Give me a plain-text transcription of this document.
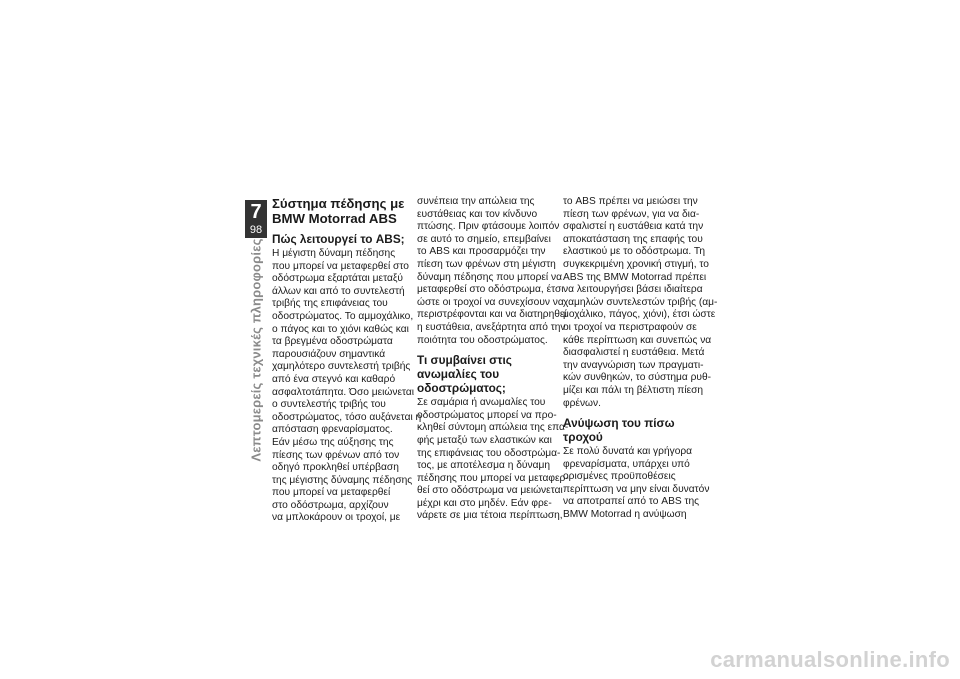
7
98
Λεπτομερείς τεχνικές πληροφορίες
Σύστημα πέδησης με
BMW Motorrad ABS
Πώς λειτουργεί το ABS;
Η μέγιστη δύναμη πέδησης
που μπορεί να μεταφερθεί στο
οδόστρωμα εξαρτάται μεταξύ
άλλων και από το συντελεστή
τριβής της επιφάνειας του
οδοστρώματος. Το αμμοχάλικο,
ο πάγος και το χιόνι καθώς και
τα βρεγμένα οδοστρώματα
παρουσιάζουν σημαντικά
χαμηλότερο συντελεστή τριβής
από ένα στεγνό και καθαρό
ασφαλτοτάπητα. Όσο μειώνεται
ο συντελεστής τριβής του
οδοστρώματος, τόσο αυξάνεται η
απόσταση φρεναρίσματος.
Εάν μέσω της αύξησης της
πίεσης των φρένων από τον
οδηγό προκληθεί υπέρβαση
της μέγιστης δύναμης πέδησης
που μπορεί να μεταφερθεί
στο οδόστρωμα, αρχίζουν
να μπλοκάρουν οι τροχοί, με
συνέπεια την απώλεια της
ευστάθειας και τον κίνδυνο
πτώσης. Πριν φτάσουμε λοιπόν
σε αυτό το σημείο, επεμβαίνει
το ABS και προσαρμόζει την
πίεση των φρένων στη μέγιστη
δύναμη πέδησης που μπορεί να
μεταφερθεί στο οδόστρωμα, έτσι
ώστε οι τροχοί να συνεχίσουν να
περιστρέφονται και να διατηρηθεί
η ευστάθεια, ανεξάρτητα από την
ποιότητα του οδοστρώματος.
Τι συμβαίνει στις
ανωμαλίες του
οδοστρώματος;
Σε σαμάρια ή ανωμαλίες του
οδοστρώματος μπορεί να προ-
κληθεί σύντομη απώλεια της επα-
φής μεταξύ των ελαστικών και
της επιφάνειας του οδοστρώμα-
τος, με αποτέλεσμα η δύναμη
πέδησης που μπορεί να μεταφερ-
θεί στο οδόστρωμα να μειώνεται
μέχρι και στο μηδέν. Εάν φρε-
νάρετε σε μια τέτοια περίπτωση,
το ABS πρέπει να μειώσει την
πίεση των φρένων, για να δια-
σφαλιστεί η ευστάθεια κατά την
αποκατάσταση της επαφής του
ελαστικού με το οδόστρωμα. Τη
συγκεκριμένη χρονική στιγμή, το
ABS της BMW Motorrad πρέπει
να λειτουργήσει βάσει ιδιαίτερα
χαμηλών συντελεστών τριβής (αμ-
μοχάλικο, πάγος, χιόνι), έτσι ώστε
οι τροχοί να περιστραφούν σε
κάθε περίπτωση και συνεπώς να
διασφαλιστεί η ευστάθεια. Μετά
την αναγνώριση των πραγματι-
κών συνθηκών, το σύστημα ρυθ-
μίζει και πάλι τη βέλτιστη πίεση
φρένων.
Ανύψωση του πίσω
τροχού
Σε πολύ δυνατά και γρήγορα
φρεναρίσματα, υπάρχει υπό
ορισμένες προϋποθέσεις
περίπτωση να μην είναι δυνατόν
να αποτραπεί από το ABS της
BMW Motorrad η ανύψωση
carmanualsonline.info
